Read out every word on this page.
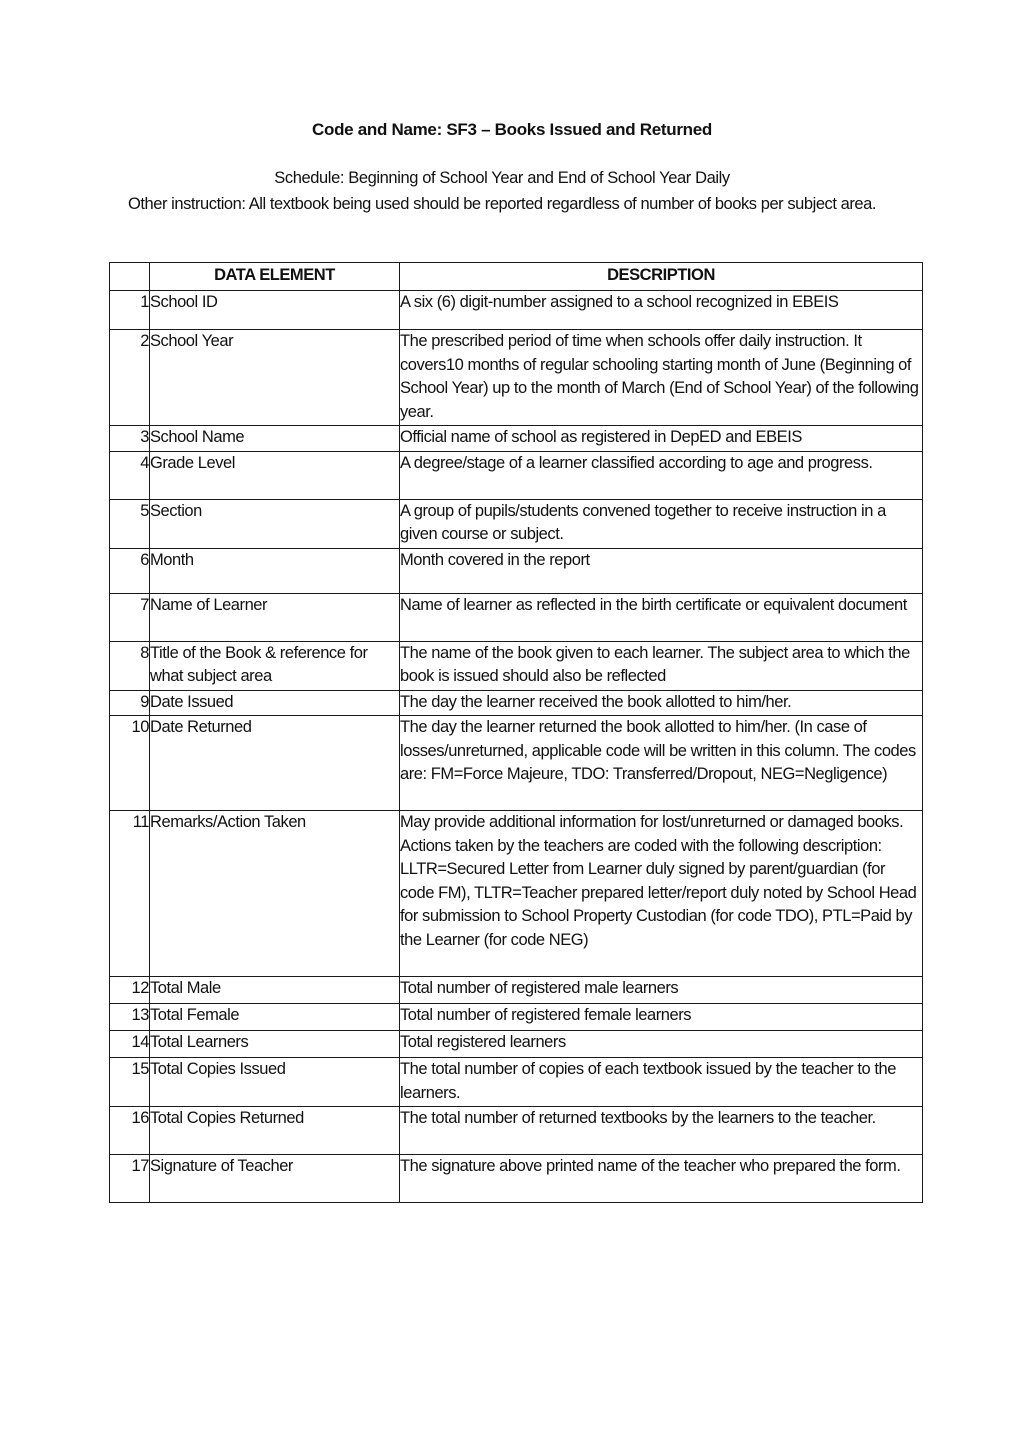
Code and Name: SF3 – Books Issued and Returned
Schedule: Beginning of School Year and End of School Year Daily
Other instruction: All textbook being used should be reported regardless of number of books per subject area.
	DATA ELEMENT	DESCRIPTION
1	School ID	A six (6) digit-number assigned to a school recognized in EBEIS
2	School Year	The prescribed period of time when schools offer daily instruction. It covers10 months of regular schooling starting month of June (Beginning of School Year) up to the month of March (End of School Year) of the following year.
3	School Name	Official name of school as registered in DepED and EBEIS
4	Grade Level	A degree/stage of a learner classified according to age and progress.
5	Section	A group of pupils/students convened together to receive instruction in a given course or subject.
6	Month	Month covered in the report
7	Name of Learner	Name of learner as reflected in the birth certificate or equivalent document
8	Title of the Book & reference for what subject area	The name of the book given to each learner. The subject area to which the book is issued should also be reflected
9	Date Issued	The day the learner received the book allotted to him/her.
10	Date Returned	The day the learner returned the book allotted to him/her. (In case of losses/unreturned, applicable code will be written in this column. The codes are: FM=Force Majeure, TDO: Transferred/Dropout, NEG=Negligence)
11	Remarks/Action Taken	May provide additional information for lost/unreturned or damaged books. Actions taken by the teachers are coded with the following description: LLTR=Secured Letter from Learner duly signed by parent/guardian (for code FM), TLTR=Teacher prepared letter/report duly noted by School Head for submission to School Property Custodian (for code TDO), PTL=Paid by the Learner (for code NEG)
12	Total Male	Total number of registered male learners
13	Total Female	Total number of registered female learners
14	Total Learners	Total registered learners
15	Total Copies Issued	The total number of copies of each textbook issued by the teacher to the learners.
16	Total Copies Returned	The total number of returned textbooks by the learners to the teacher.
17	Signature of Teacher	The signature above printed name of the teacher who prepared the form.
